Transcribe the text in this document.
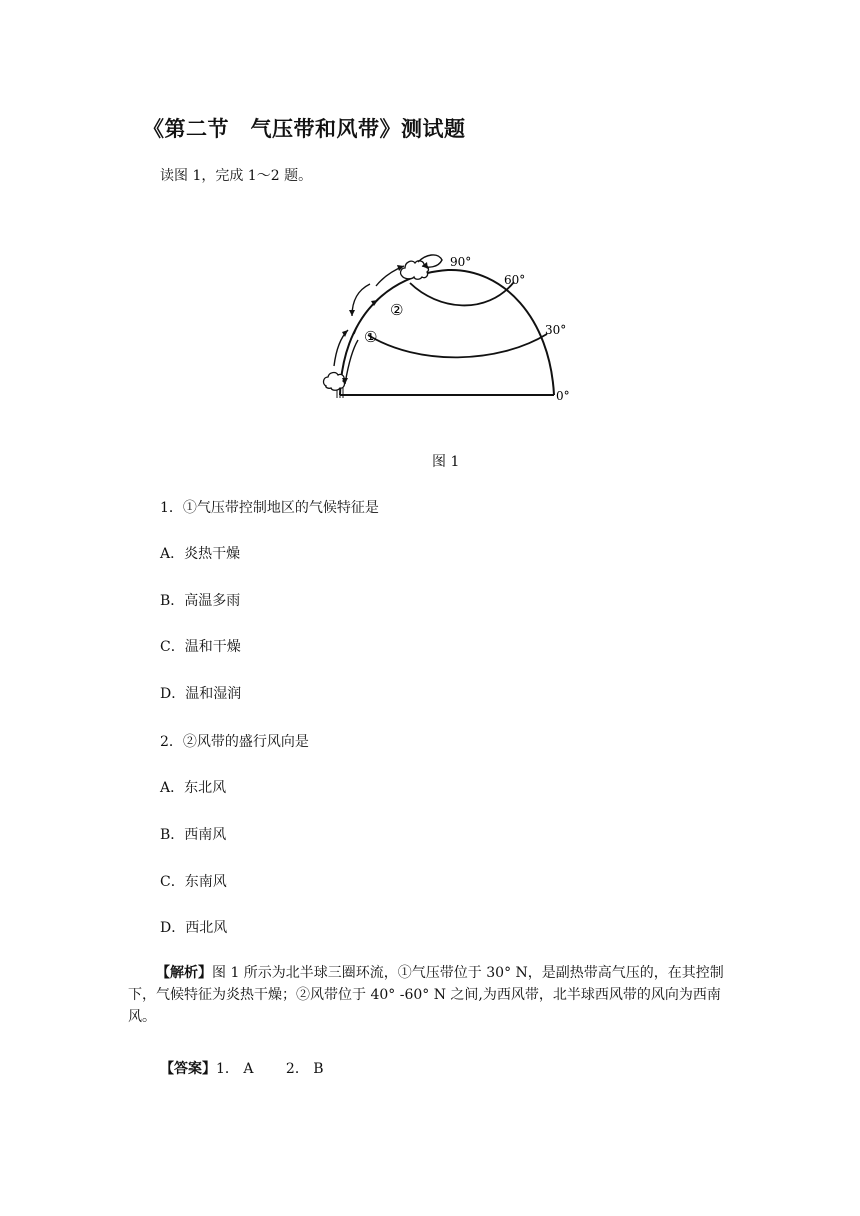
《第二节　气压带和风带》测试题
读图 1，完成 1～2 题。
90°
60°
30°
0°
②
①
图 1
1．①气压带控制地区的气候特征是
A．炎热干燥
B．高温多雨
C．温和干燥
D．温和湿润
2．②风带的盛行风向是
A．东北风
B．西南风
C．东南风
D．西北风
【解析】图 1 所示为北半球三圈环流，①气压带位于 30° N，是副热带高气压的，在其控制下，气候特征为炎热干燥；②风带位于 40° -60° N 之间,为西风带，北半球西风带的风向为西南风。
【答案】1． A　　 2． B
